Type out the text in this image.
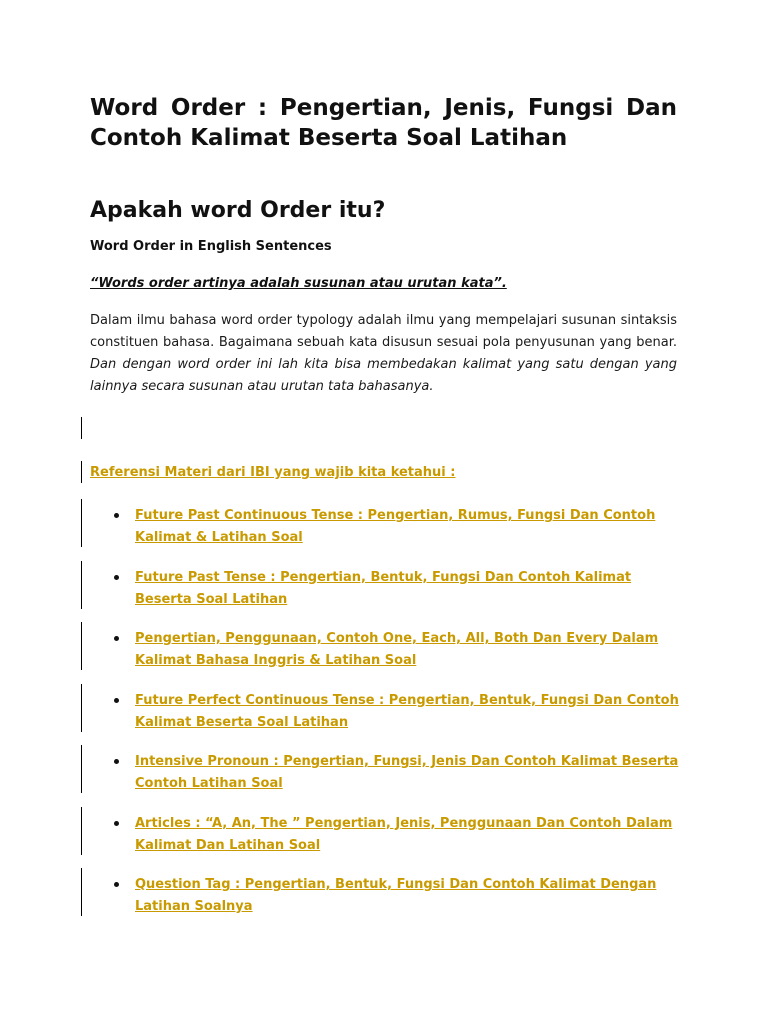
Word Order : Pengertian, Jenis, Fungsi Dan Contoh Kalimat Beserta Soal Latihan
Apakah word Order itu?

Word Order in English Sentences

“Words order artinya adalah susunan atau urutan kata”.

Dalam ilmu bahasa word order typology adalah ilmu yang mempelajari susunan sintaksis constituen bahasa. Bagaimana sebuah kata disusun sesuai pola penyusunan yang benar. Dan dengan word order ini lah kita bisa membedakan kalimat yang satu dengan yang lainnya secara susunan atau urutan tata bahasanya.

Referensi Materi dari IBI yang wajib kita ketahui :

Future Past Continuous Tense : Pengertian, Rumus, Fungsi Dan Contoh Kalimat & Latihan Soal
Future Past Tense : Pengertian, Bentuk, Fungsi Dan Contoh Kalimat Beserta Soal Latihan
Pengertian, Penggunaan, Contoh One, Each, All, Both Dan Every Dalam Kalimat Bahasa Inggris & Latihan Soal
Future Perfect Continuous Tense : Pengertian, Bentuk, Fungsi Dan Contoh Kalimat Beserta Soal Latihan
Intensive Pronoun : Pengertian, Fungsi, Jenis Dan Contoh Kalimat Beserta Contoh Latihan Soal
Articles : “A, An, The ” Pengertian, Jenis, Penggunaan Dan Contoh Dalam Kalimat Dan Latihan Soal
Question Tag : Pengertian, Bentuk, Fungsi Dan Contoh Kalimat Dengan Latihan Soalnya
